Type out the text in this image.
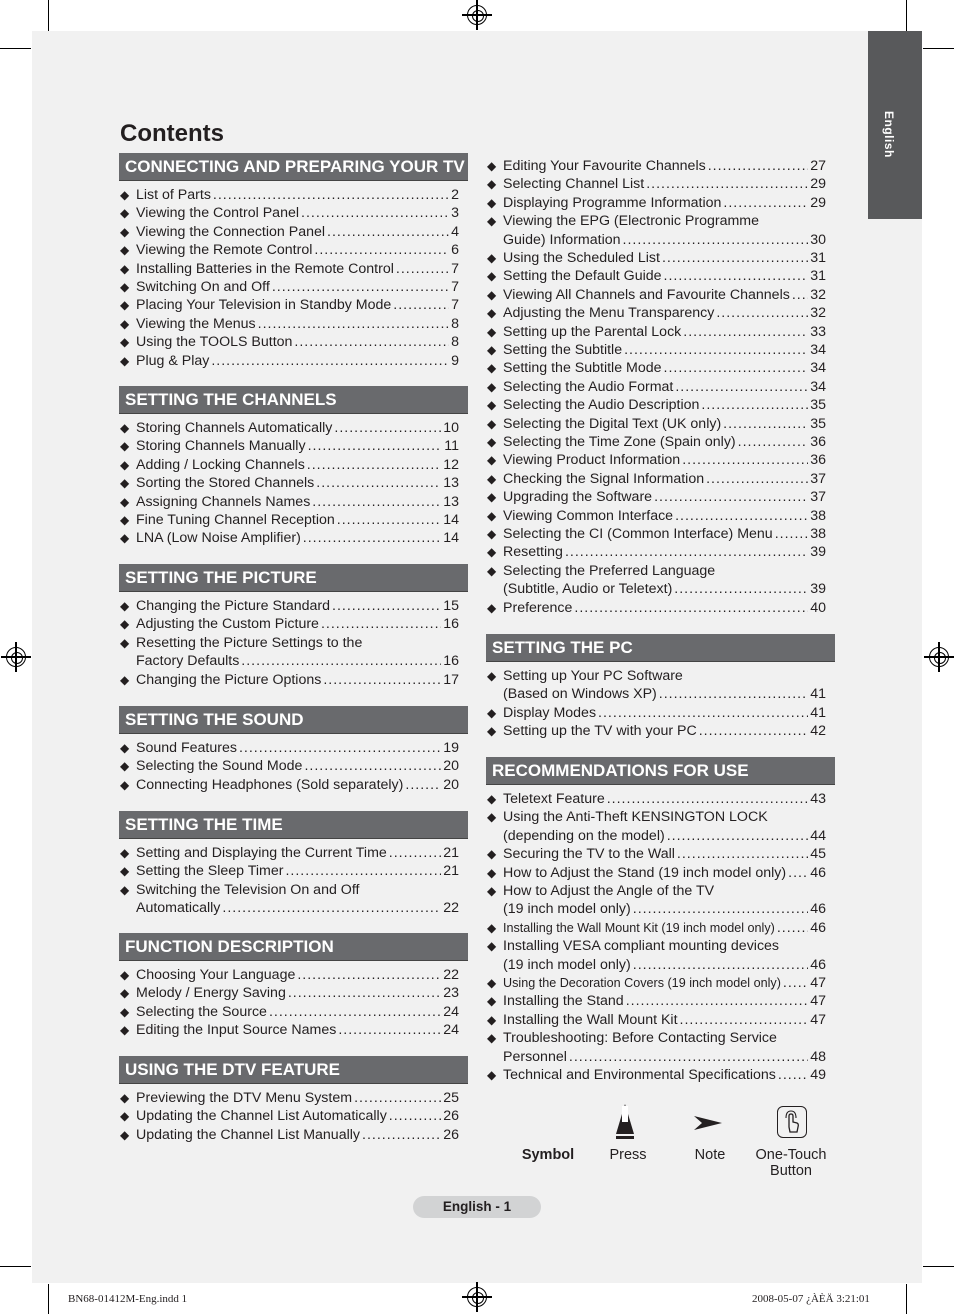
English
Contents
Symbol	Press	Note	One-Touch
Button
English - 1
BN68-01412M-Eng.indd 1	2008-05-07 ¿ÀÈÄ 3:21:01
CONNECTING AND PREPARING YOUR TV
◆ List of Parts .....	2
◆ Viewing the Control Panel .....	3
◆ Viewing the Connection Panel .....	4
◆ Viewing the Remote Control .....	6
◆ Installing Batteries in the Remote Control .....	7
◆ Switching On and Off .....	7
◆ Placing Your Television in Standby Mode .....	7
◆ Viewing the Menus .....	8
◆ Using the TOOLS Button .....	8
◆ Plug & Play .....	9
SETTING THE CHANNELS
◆ Storing Channels Automatically .....	10
◆ Storing Channels Manually .....	11
◆ Adding / Locking Channels .....	12
◆ Sorting the Stored Channels .....	13
◆ Assigning Channels Names .....	13
◆ Fine Tuning Channel Reception .....	14
◆ LNA (Low Noise Amplifier) .....	14
SETTING THE PICTURE
◆ Changing the Picture Standard .....	15
◆ Adjusting the Custom Picture .....	16
◆ Resetting the Picture Settings to the
Factory Defaults .....	16
◆ Changing the Picture Options .....	17
SETTING THE SOUND
◆ Sound Features .....	19
◆ Selecting the Sound Mode .....	20
◆ Connecting Headphones (Sold separately) .....	20
SETTING THE TIME
◆ Setting and Displaying the Current Time .....	21
◆ Setting the Sleep Timer .....	21
◆ Switching the Television On and Off
Automatically .....	22
FUNCTION DESCRIPTION
◆ Choosing Your Language .....	22
◆ Melody / Energy Saving .....	23
◆ Selecting the Source .....	24
◆ Editing the Input Source Names .....	24
USING THE DTV FEATURE
◆ Previewing the DTV Menu System .....	25
◆ Updating the Channel List Automatically .....	26
◆ Updating the Channel List Manually .....	26
◆ Editing Your Favourite Channels .....	27
◆ Selecting Channel List .....	29
◆ Displaying Programme Information .....	29
◆ Viewing the EPG (Electronic Programme
Guide) Information .....	30
◆ Using the Scheduled List .....	31
◆ Setting the Default Guide .....	31
◆ Viewing All Channels and Favourite Channels ..... 32
◆ Adjusting the Menu Transparency .....	32
◆ Setting up the Parental Lock .....	33
◆ Setting the Subtitle .....	34
◆ Setting the Subtitle Mode .....	34
◆ Selecting the Audio Format .....	34
◆ Selecting the Audio Description .....	35
◆ Selecting the Digital Text (UK only) .....	35
◆ Selecting the Time Zone (Spain only) .....	36
◆ Viewing Product Information .....	36
◆ Checking the Signal Information .....	37
◆ Upgrading the Software .....	37
◆ Viewing Common Interface .....	38
◆ Selecting the CI (Common Interface) Menu .....	38
◆ Resetting .....	39
◆ Selecting the Preferred Language
(Subtitle, Audio or Teletext) .....	39
◆ Preference .....	40
SETTING THE PC
◆ Setting up Your PC Software
(Based on Windows XP) .....	41
◆ Display Modes .....	41
◆ Setting up the TV with your PC .....	42
RECOMMENDATIONS FOR USE
◆ Teletext Feature .....	43
◆ Using the Anti-Theft KENSINGTON LOCK
(depending on the model) .....	44
◆ Securing the TV to the Wall .....	45
◆ How to Adjust the Stand (19 inch model only) ..... 46
◆ How to Adjust the Angle of the TV
(19 inch model only) .....	46
◆ Installing the Wall Mount Kit (19 inch model only) ..... 46
◆ Installing VESA compliant mounting devices
(19 inch model only) .....	46
◆ Using the Decoration Covers (19 inch model only) ..... 47
◆ Installing the Stand .....	47
◆ Installing the Wall Mount Kit .....	47
◆ Troubleshooting: Before Contacting Service
Personnel .....	48
◆ Technical and Environmental Specifications ..... 49
